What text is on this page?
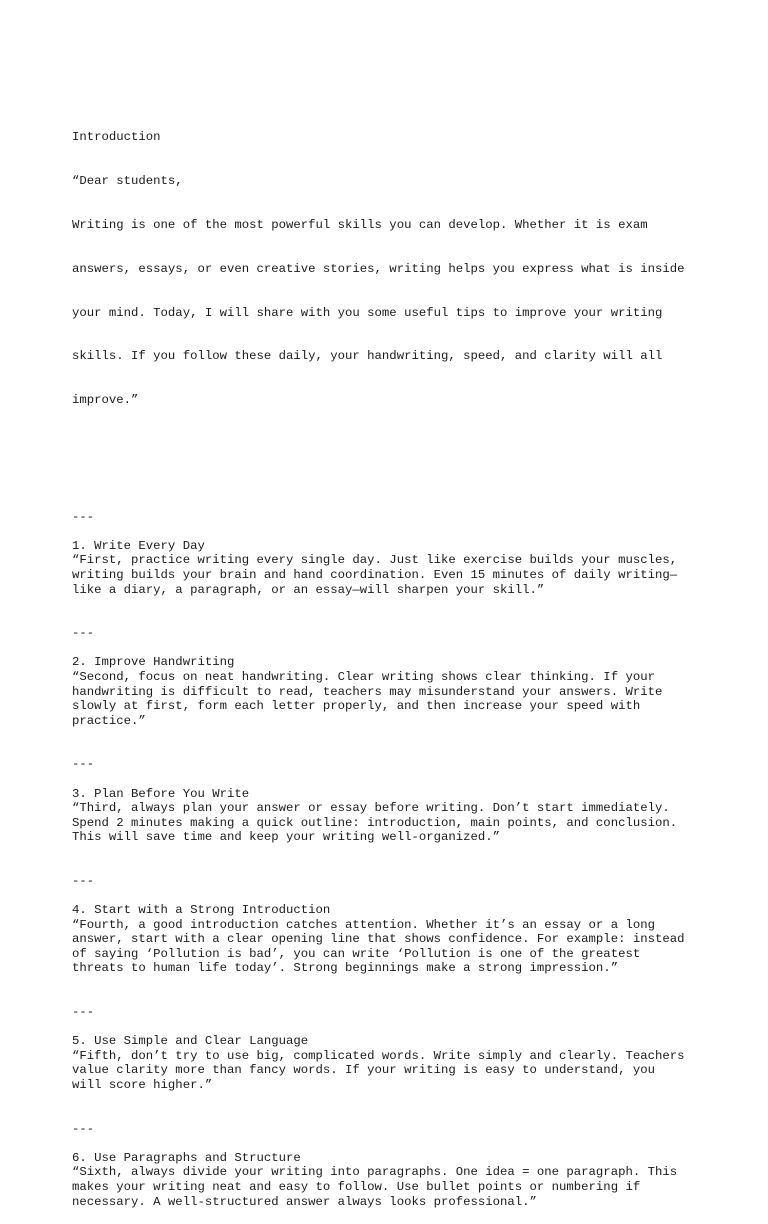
Introduction

“Dear students,

Writing is one of the most powerful skills you can develop. Whether it is exam

answers, essays, or even creative stories, writing helps you express what is inside

your mind. Today, I will share with you some useful tips to improve your writing

skills. If you follow these daily, your handwriting, speed, and clarity will all

improve.”

---
1. Write Every Day
“First, practice writing every single day. Just like exercise builds your muscles,
writing builds your brain and hand coordination. Even 15 minutes of daily writing—
like a diary, a paragraph, or an essay—will sharpen your skill.”
---
2. Improve Handwriting
“Second, focus on neat handwriting. Clear writing shows clear thinking. If your
handwriting is difficult to read, teachers may misunderstand your answers. Write
slowly at first, form each letter properly, and then increase your speed with
practice.”
---
3. Plan Before You Write
“Third, always plan your answer or essay before writing. Don’t start immediately.
Spend 2 minutes making a quick outline: introduction, main points, and conclusion.
This will save time and keep your writing well-organized.”
---
4. Start with a Strong Introduction
“Fourth, a good introduction catches attention. Whether it’s an essay or a long
answer, start with a clear opening line that shows confidence. For example: instead
of saying ‘Pollution is bad’, you can write ‘Pollution is one of the greatest
threats to human life today’. Strong beginnings make a strong impression.”
---
5. Use Simple and Clear Language
“Fifth, don’t try to use big, complicated words. Write simply and clearly. Teachers
value clarity more than fancy words. If your writing is easy to understand, you
will score higher.”
---
6. Use Paragraphs and Structure
“Sixth, always divide your writing into paragraphs. One idea = one paragraph. This
makes your writing neat and easy to follow. Use bullet points or numbering if
necessary. A well-structured answer always looks professional.”
